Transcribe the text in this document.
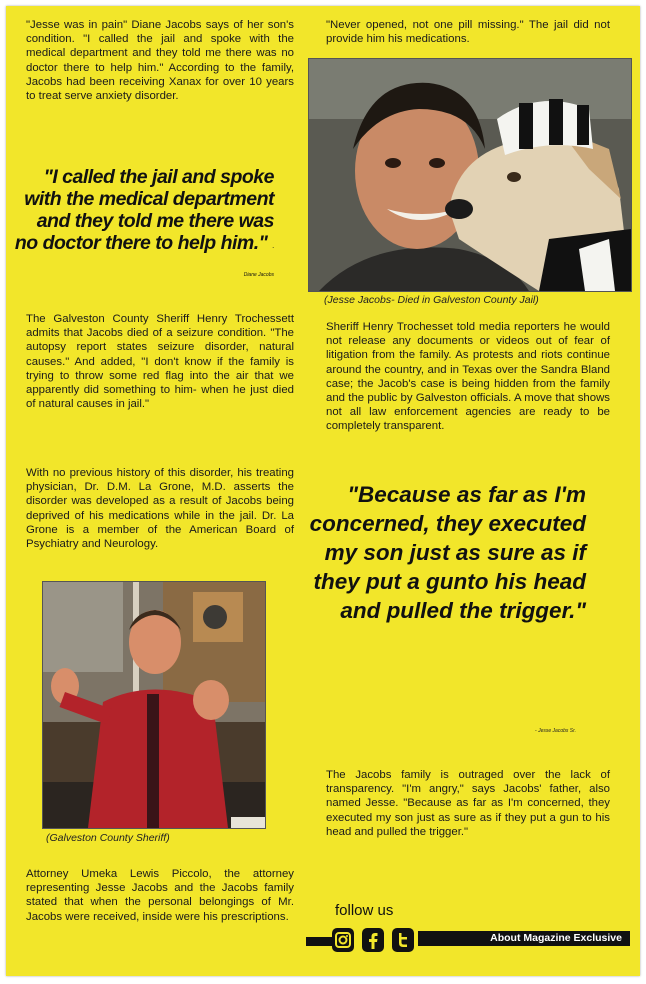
"Jesse was in pain" Diane Jacobs says of her son's condition. "I called the jail and spoke with the medical department and they told me there was no doctor there to help him." According to the family, Jacobs had been receiving Xanax for over 10 years to treat serve anxiety disorder.

"I called the jail and spoke with the medical department and they told me there was no doctor there to help him." - Diane Jacobs

The Galveston County Sheriff Henry Trochessett admits that Jacobs died of a seizure condition. "The autopsy report states seizure disorder, natural causes." And added, "I don't know if the family is trying to throw some red flag into the air that we apparently did something to him- when he just died of natural causes in jail."

With no previous history of this disorder, his treating physician, Dr. D.M. La Grone, M.D. asserts the disorder was developed as a result of Jacobs being deprived of his medications while in the jail. Dr. La Grone is a member of the American Board of Psychiatry and Neurology.

(Galveston County Sheriff)

Attorney Umeka Lewis Piccolo, the attorney representing Jesse Jacobs and the Jacobs family stated that when the personal belongings of Mr. Jacobs were received, inside were his prescriptions.

"Never opened, not one pill missing." The jail did not provide him his medications.

(Jesse Jacobs- Died in Galveston County Jail)

Sheriff Henry Trochesset told media reporters he would not release any documents or videos out of fear of litigation from the family. As protests and riots continue around the country, and in Texas over the Sandra Bland case; the Jacob's case is being hidden from the family and the public by Galveston officials. A move that shows not all law enforcement agencies are ready to be completely transparent.

"Because as far as I'm concerned, they executed my son just as sure as if they put a gunto his head and pulled the trigger."
- Jesse Jacobs Sr.

The Jacobs family is outraged over the lack of transparency. "I'm angry," says Jacobs' father, also named Jesse. "Because as far as I'm concerned, they executed my son just as sure as if they put a gun to his head and pulled the trigger."

follow us
About Magazine Exclusive
